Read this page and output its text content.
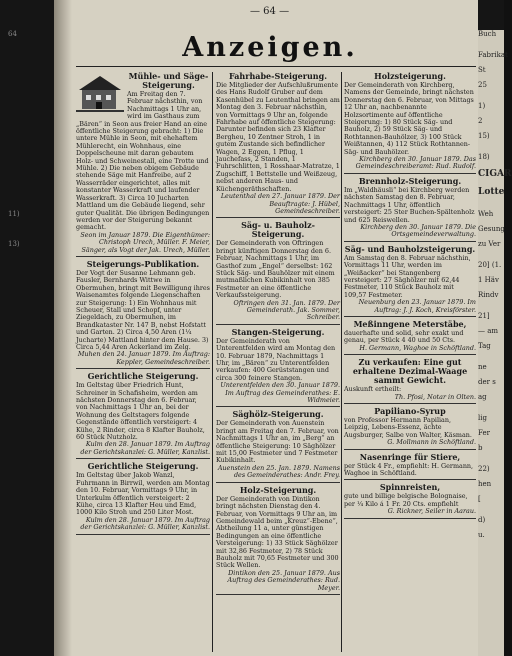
64
11)
13)
Buch
Fabrikat
St
25
1)
2
15)
18)
CIGAR
Lotte
Weh
Gesung
zu Ver
20] (1.
1 Häv
Rindv
21]
— am
Tag
ne
der s
ag
lig
Fer
b
22)
hen
[
d)
u.
— 64 —
Anzeigen.
Mühle- und Säge-Steigerung.

Am Freitag den 7. Februar nächsthin, von Nachmittags 1 Uhr an, wird im Gasthaus zum „Bären“ in Seon aus freier Hand an eine öffentliche Steigerung gebracht: 1) Die untere Mühle in Seon, mit ehehaftem Mühlerecht, ein Wohnhaus, eine Doppelscheune mit daran gebautem Holz- und Schweinestall, eine Trotte und Mühle. 2) Die neben obigem Gebäude stehende Säge mit Hanfreibe, auf 2 Wasserräder eingerichtet, alles mit konstanter Wasserkraft und laufender Wasserkraft. 3) Circa 10 Jucharten Mattland um die Gebäude liegend, sehr guter Qualität. Die übrigen Bedingungen werden vor der Steigerung bekannt gemacht.

Seon im Januar 1879. Die Eigenthümer: Christoph Urech, Müller. F. Meier, Sänger, als Vogt der Jak. Urech, Müller.

Steigerungs-Publikation.

Der Vogt der Susanne Lehmann geb. Fausler, Bernhards Wittwe in Obermuhen, bringt mit Bewilligung ihres Waisenamtes folgende Liegenschaften zur Steigerung: 1) Ein Wohnhaus mit Scheuer, Stall und Schopf, unter Ziegeldach, zu Obermuhen, im Brandkataster Nr. 147 B, nebst Hofstatt und Garten. 2) Circa 4,50 Aren (1¼ Jucharte) Mattland hinter dem Hause. 3) Circa 5,44 Aren Ackerland im Zelg.

Muhen den 24. Januar 1879. Im Auftrag: Keppler, Gemeindeschreiber.

Gerichtliche Steigerung.

Im Geltstag über Friedrich Hunt, Schreiner in Schafisheim, werden am nächsten Donnerstag den 6. Februar, von Nachmittags 1 Uhr an, bei der Wohnung des Geltstagers folgende Gegenstände öffentlich versteigert: 4 Kühe, 2 Rinder, circa 8 Klafter Bauholz, 60 Stück Nutzholz.

Kulm den 28. Januar 1879. Im Auftrag der Gerichtskanzlei: G. Müller, Kanzlist.

Gerichtliche Steigerung.

Im Geltstag über Jakob Wanzl, Fuhrmann in Birrwil, werden am Montag den 10. Februar, Vormittags 9 Uhr, in Unterkulm öffentlich versteigert: 2 Kühe, circa 13 Klafter Heu und Emd, 1000 Kilo Stroh und 250 Liter Most.

Kulm den 28. Januar 1879. Im Auftrag der Gerichtskanzlei: G. Müller, Kanzlist.

Fahrhabe-Steigerung.

Die Mitglieder der Aufschlußrumente des Hans Rudolf Gruber auf dem Kasenhübel zu Leutenthal bringen am Montag den 3. Februar nächsthin, von Vormittags 9 Uhr an, folgende Fahrhabe auf öffentliche Steigerung: Darunter befinden sich 23 Klafter Bergheu, 10 Zentner Stroh, 1 in gutem Zustande sich befindlicher Wagen, 2 Eggen, 1 Pflug, 1 Jauchefass, 2 Standen, 1 Fuhrschlitten, 1 Rosshaar-Matratze, 1 Zugschiff, 1 Bettstelle und Weißzeug, nebst anderen Haus- und Küchengeräthschaften.

Leutenthal den 27. Januar 1879. Der Beauftragte: J. Hübel, Gemeindeschreiber.

Säg- u. Bauholz-Steigerung.

Der Gemeinderath von Oftringen bringt künftigen Donnerstag den 6. Februar, Nachmittags 1 Uhr, im Gasthof zum „Engel“ derselbst: 162 Stück Säg- und Bauhölzer mit einem mutmaßlichen Kubikinhalt von 385 Festmeter an eine öffentliche Verkaufssteigerung.

Oftringen den 31. Jan. 1879. Der Gemeinderath. Jak. Sommer, Schreiber.

Stangen-Steigerung.

Der Gemeinderath von Unterentfelden wird am Montag den 10. Februar 1879, Nachmittags 1 Uhr, im „Bären“ zu Unterentfelden verkaufen: 400 Gerüststangen und circa 300 feinere Stangen.

Unterentfelden den 30. Januar 1879. Im Auftrag des Gemeinderathes: E. Widmeier.

Säghölz-Steigerung.

Der Gemeinderath von Auenstein bringt am Freitag den 7. Februar, von Nachmittags 1 Uhr an, im „Berg“ an öffentliche Steigerung: 10 Säghölzer mit 15,00 Festmeter und 7 Festmeter Kubikinhalt.

Auenstein den 25. Jan. 1879. Namens des Gemeinderathes: Andr. Frey.

Holz-Steigerung.

Der Gemeinderath von Dintikon bringt nächsten Dienstag den 4. Februar, von Vormittags 9 Uhr an, im Gemeindewald beim „Kreuz“-Ebene“, Abtheilung 11 a, unter günstigen Bedingungen an eine öffentliche Versteigerung: 1) 33 Stück Säghölzer mit 32,86 Festmeter, 2) 78 Stück Bauholz mit 70,65 Festmeter und 300 Stück Wellen.

Dintikon den 25. Januar 1879. Aus Auftrag des Gemeinderathes: Rud. Meyer.

Holzsteigerung.

Der Gemeinderath von Kirchberg, Namens der Gemeinde, bringt nächsten Donnerstag den 6. Februar, von Mittags 12 Uhr an, nachbenannte Holzsortimente auf öffentliche Steigerung: 1) 80 Stück Säg- und Bauholz, 2) 59 Stück Säg- und Rothtannen-Bauhölzer, 3) 100 Stück Weißtannen, 4) 112 Stück Rothtannen-Säg- und Bauhölzer.

Kirchberg den 30. Januar 1879. Das Gemeindeschreiberamt: Rud. Rudolf.

Brennholz-Steigerung.

Im „Waldhäusli“ bei Kirchberg werden nächsten Samstag den 8. Februar, Nachmittags 1 Uhr, öffentlich versteigert: 25 Ster Buchen-Spältenholz und 625 Reiswellen.

Kirchberg den 30. Januar 1879. Die Ortsgemeindeverwaltung.

Säg- und Bauholzsteigerung.

Am Samstag den 8. Februar nächsthin, Vormittags 11 Uhr, werden im „Weißacker“ bei Stangenberg versteigert: 27 Säghölzer mit 62,44 Festmeter, 110 Stück Bauholz mit 109,57 Festmeter.

Neuenburg den 23. Januar 1879. Im Auftrag: J. J. Koch, Kreisförster.

Meßinngene Meterstäbe,

dauerhafte und solid, sehr exakt und genau, per Stück 4 40 und 50 Cts.

H. Germann, Waghoe in Schöftland.

Zu verkaufen: Eine gut erhaltene Dezimal-Waage sammt Gewicht.

Auskunft ertheilt:

Th. Pfosi, Notar in Olten.

Papiliano-Syrup

von Professor Hermann Papilian, Leipzig, Lebens-Essenz, ächte Augsburger, Salbe von Walter, Käsman.

G. Mollmann in Schöftland.

Nasenringe für Stiere,

per Stück 4 Fr., empfiehlt: H. Germann, Waghoe in Schöftland.

Spinnreisten,

gute und billige belgische Bolognaise, per ¼ Kilo á 1 Fr. 20 Cts. empfiehlt

G. Rickner, Seiler in Aarau.
